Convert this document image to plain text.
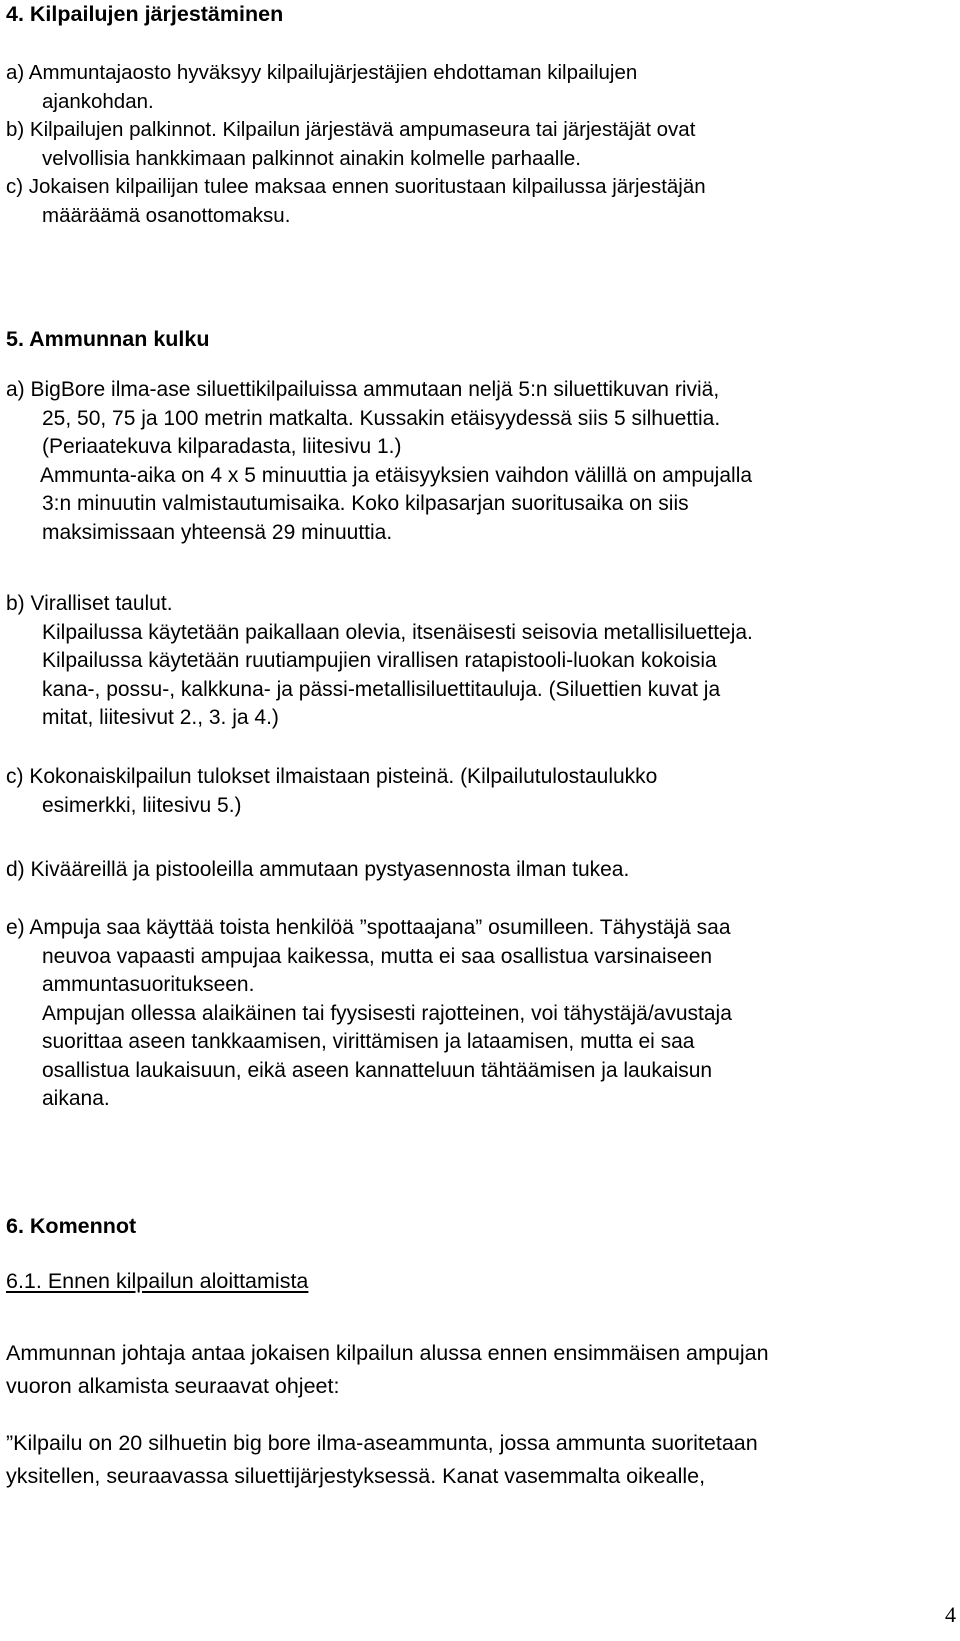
4. Kilpailujen järjestäminen

a) Ammuntajaosto hyväksyy kilpailujärjestäjien ehdottaman kilpailujen
ajankohdan.

b) Kilpailujen palkinnot. Kilpailun järjestävä ampumaseura tai järjestäjät ovat
velvollisia hankkimaan palkinnot ainakin kolmelle parhaalle.

c) Jokaisen kilpailijan tulee maksaa ennen suoritustaan kilpailussa järjestäjän
määräämä osanottomaksu.

5. Ammunnan kulku

a) BigBore ilma-ase siluettikilpailuissa ammutaan neljä 5:n siluettikuvan riviä,
25, 50, 75 ja 100 metrin matkalta. Kussakin etäisyydessä siis 5 silhuettia.
(Periaatekuva kilparadasta, liitesivu 1.)
Ammunta-aika on 4 x 5 minuuttia ja etäisyyksien vaihdon välillä on ampujalla
3:n minuutin valmistautumisaika. Koko kilpasarjan suoritusaika on siis
maksimissaan yhteensä 29 minuuttia.

b) Viralliset taulut.
Kilpailussa käytetään paikallaan olevia, itsenäisesti seisovia metallisiluetteja.
Kilpailussa käytetään ruutiampujien virallisen ratapistooli-luokan kokoisia
kana-, possu-, kalkkuna- ja pässi-metallisiluettitauluja. (Siluettien kuvat ja
mitat, liitesivut 2., 3. ja 4.)

c) Kokonaiskilpailun tulokset ilmaistaan pisteinä. (Kilpailutulostaulukko
esimerkki, liitesivu 5.)

d) Kivääreillä ja pistooleilla ammutaan pystyasennosta ilman tukea.

e) Ampuja saa käyttää toista henkilöä ”spottaajana” osumilleen. Tähystäjä saa
neuvoa vapaasti ampujaa kaikessa, mutta ei saa osallistua varsinaiseen
ammuntasuoritukseen.
Ampujan ollessa alaikäinen tai fyysisesti rajotteinen, voi tähystäjä/avustaja
suorittaa aseen tankkaamisen, virittämisen ja lataamisen, mutta ei saa
osallistua laukaisuun, eikä aseen kannatteluun tähtäämisen ja laukaisun
aikana.

6. Komennot

6.1. Ennen kilpailun aloittamista

Ammunnan johtaja antaa jokaisen kilpailun alussa ennen ensimmäisen ampujan
vuoron alkamista seuraavat ohjeet:

”Kilpailu on 20 silhuetin big bore ilma-aseammunta, jossa ammunta suoritetaan
yksitellen, seuraavassa siluettijärjestyksessä. Kanat vasemmalta oikealle,

4
